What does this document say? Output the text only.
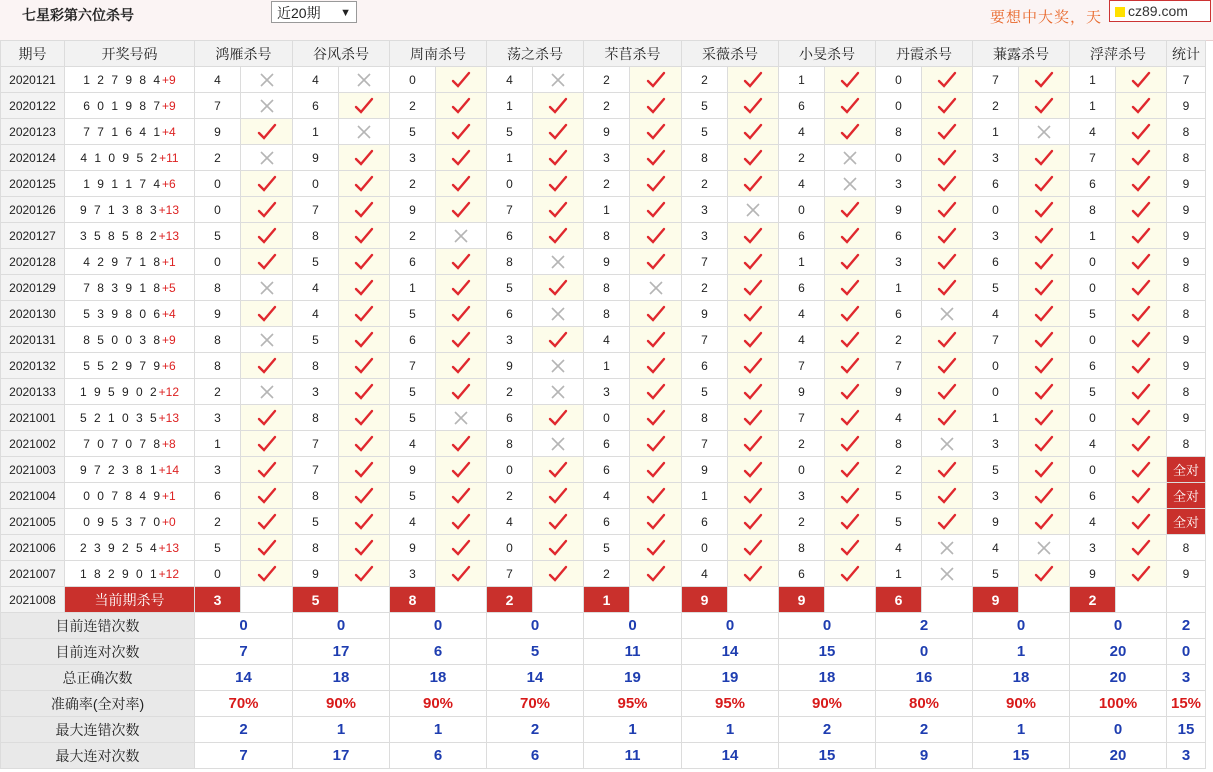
七星彩第六位杀号	近20期 ▼	要想中大奖，天	cz89.com
期号	开奖号码	鸿雁杀号		谷风杀号		周南杀号		荡之杀号		芣苢杀号		采薇杀号		小旻杀号		丹霞杀号		蒹露杀号		浮萍杀号		统计
2020121	1 2 7 9 8 4+9	4		4		0		4		2		2		1		0		7		1		7
2020122	6 0 1 9 8 7+9	7		6		2		1		2		5		6		0		2		1		9
2020123	7 7 1 6 4 1+4	9		1		5		5		9		5		4		8		1		4		8
2020124	4 1 0 9 5 2+11	2		9		3		1		3		8		2		0		3		7		8
2020125	1 9 1 1 7 4+6	0		0		2		0		2		2		4		3		6		6		9
2020126	9 7 1 3 8 3+13	0		7		9		7		1		3		0		9		0		8		9
2020127	3 5 8 5 8 2+13	5		8		2		6		8		3		6		6		3		1		9
2020128	4 2 9 7 1 8+1	0		5		6		8		9		7		1		3		6		0		9
2020129	7 8 3 9 1 8+5	8		4		1		5		8		2		6		1		5		0		8
2020130	5 3 9 8 0 6+4	9		4		5		6		8		9		4		6		4		5		8
2020131	8 5 0 0 3 8+9	8		5		6		3		4		7		4		2		7		0		9
2020132	5 5 2 9 7 9+6	8		8		7		9		1		6		7		7		0		6		9
2020133	1 9 5 9 0 2+12	2		3		5		2		3		5		9		9		0		5		8
2021001	5 2 1 0 3 5+13	3		8		5		6		0		8		7		4		1		0		9
2021002	7 0 7 0 7 8+8	1		7		4		8		6		7		2		8		3		4		8
2021003	9 7 2 3 8 1+14	3		7		9		0		6		9		0		2		5		0		全对
2021004	0 0 7 8 4 9+1	6		8		5		2		4		1		3		5		3		6		全对
2021005	0 9 5 3 7 0+0	2		5		4		4		6		6		2		5		9		4		全对
2021006	2 3 9 2 5 4+13	5		8		9		0		5		0		8		4		4		3		8
2021007	1 8 2 9 0 1+12	0		9		3		7		2		4		6		1		5		9		9
2021008	当前期杀号	3		5		8		2		1		9		9		6		9		2		
目前连错次数		0		0		0		0		0		0		0		2		0		0		2
目前连对次数		7		17		6		5		11		14		15		0		1		20		0
总正确次数		14		18		18		14		19		19		18		16		18		20		3
准确率(全对率)		70%		90%		90%		70%		95%		95%		90%		80%		90%		100%		15%
最大连错次数		2		1		1		2		1		1		2		2		1		0		15
最大连对次数		7		17		6		6		11		14		15		9		15		20		3
